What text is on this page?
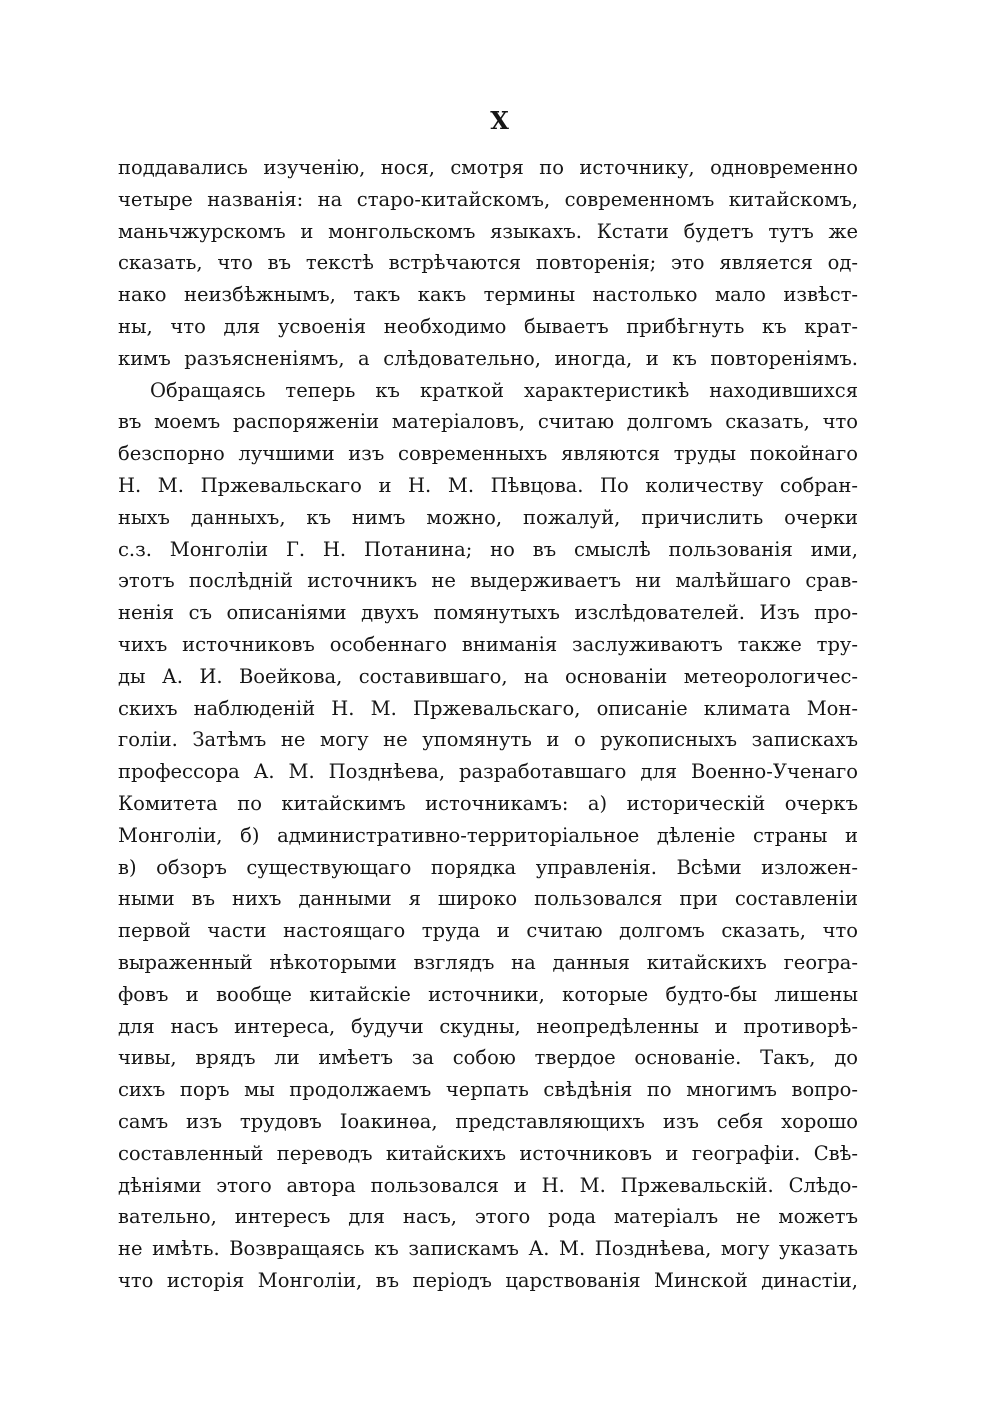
X
поддавались изученію, нося, смотря по источнику, одновременно
четыре названія: на старо-китайскомъ, современномъ китайскомъ,
маньчжурскомъ и монгольскомъ языкахъ. Кстати будетъ тутъ же
сказать, что въ текстѣ встрѣчаются повторенія; это является од-
нако неизбѣжнымъ, такъ какъ термины настолько мало извѣст-
ны, что для усвоенія необходимо бываетъ прибѣгнуть къ крат-
кимъ разъясненіямъ, а слѣдовательно, иногда, и къ повтореніямъ.
Обращаясь теперь къ краткой характеристикѣ находившихся
въ моемъ распоряженіи матеріаловъ, считаю долгомъ сказать, что
безспорно лучшими изъ современныхъ являются труды покойнаго
Н. М. Пржевальскаго и Н. М. Пѣвцова. По количеству собран-
ныхъ данныхъ, къ нимъ можно, пожалуй, причислить очерки
с.з. Монголіи Г. Н. Потанина; но въ смыслѣ пользованія ими,
этотъ послѣдній источникъ не выдерживаетъ ни малѣйшаго срав-
ненія съ описаніями двухъ помянутыхъ изслѣдователей. Изъ про-
чихъ источниковъ особеннаго вниманія заслуживаютъ также тру-
ды А. И. Воейкова, составившаго, на основаніи метеорологичес-
скихъ наблюденій Н. М. Пржевальскаго, описаніе климата Мон-
голіи. Затѣмъ не могу не упомянуть и о рукописныхъ запискахъ
профессора А. М. Позднѣева, разработавшаго для Военно-Ученаго
Комитета по китайскимъ источникамъ: а) историческій очеркъ
Монголіи, б) административно-территоріальное дѣленіе страны и
в) обзоръ существующаго порядка управленія. Всѣми изложен-
ными въ нихъ данными я широко пользовался при составленіи
первой части настоящаго труда и считаю долгомъ сказать, что
выраженный нѣкоторыми взглядъ на данныя китайскихъ геогра-
фовъ и вообще китайскіе источники, которые будто-бы лишены
для насъ интереса, будучи скудны, неопредѣленны и противорѣ-
чивы, врядъ ли имѣетъ за собою твердое основаніе. Такъ, до
сихъ поръ мы продолжаемъ черпать свѣдѣнія по многимъ вопро-
самъ изъ трудовъ Іоакинѳа, представляющихъ изъ себя хорошо
составленный переводъ китайскихъ источниковъ и географіи. Свѣ-
дѣніями этого автора пользовался и Н. М. Пржевальскій. Слѣдо-
вательно, интересъ для насъ, этого рода матеріалъ не можетъ
не имѣть. Возвращаясь къ запискамъ А. М. Позднѣева, могу указать
что исторія Монголіи, въ періодъ царствованія Минской династіи,
